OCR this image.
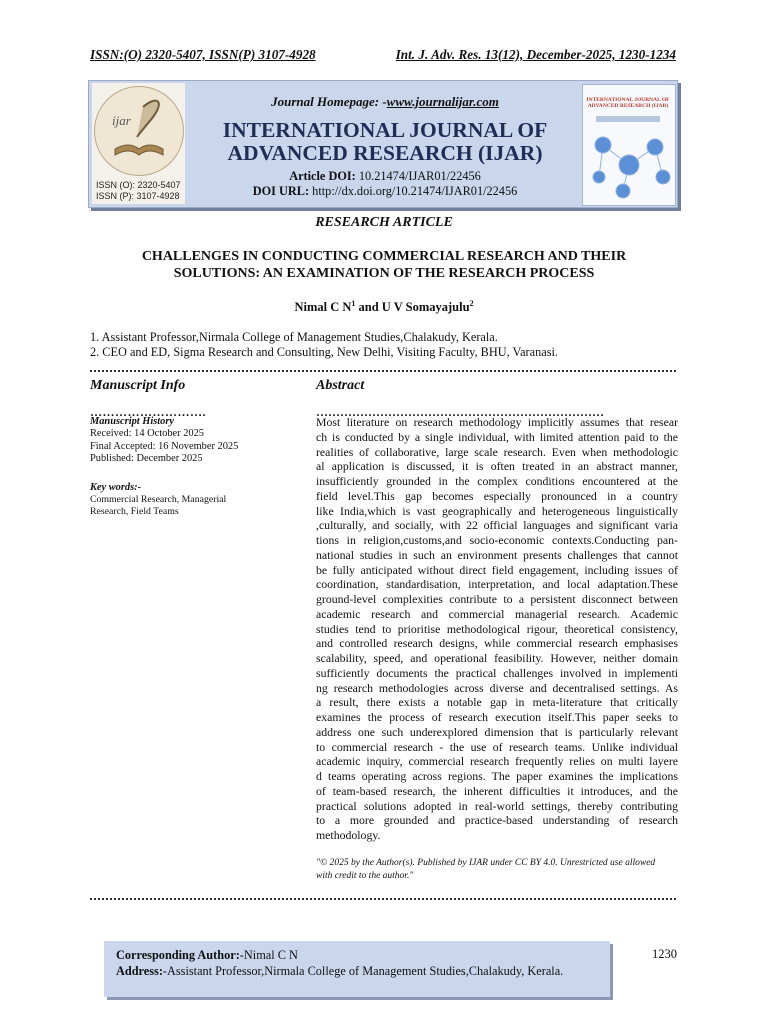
ISSN:(O) 2320-5407, ISSN(P) 3107-4928	Int. J. Adv. Res. 13(12), December-2025, 1230-1234
ijar
ISSN (O): 2320-5407
ISSN (P): 3107-4928
Journal Homepage: -www.journalijar.com
INTERNATIONAL JOURNAL OF
ADVANCED RESEARCH (IJAR)
Article DOI: 10.21474/IJAR01/22456
DOI URL: http://dx.doi.org/10.21474/IJAR01/22456
INTERNATIONAL JOURNAL OF ADVANCED RESEARCH (IJAR)
RESEARCH ARTICLE
CHALLENGES IN CONDUCTING COMMERCIAL RESEARCH AND THEIR
SOLUTIONS: AN EXAMINATION OF THE RESEARCH PROCESS
Nimal C $N^1$ and U V Somayajulu$^2$
1. Assistant Professor,Nirmala College of Management Studies,Chalakudy, Kerala.
2. CEO and ED, Sigma Research and Consulting, New Delhi, Visiting Faculty, BHU, Varanasi.
Manuscript Info
……………………….
Manuscript History
Received: 14 October 2025
Final Accepted: 16 November 2025
Published: December 2025
Key words:-
Commercial Research, Managerial
Research, Field Teams
Abstract
………………………………………………………………
Most literature on research methodology implicitly assumes that resear
ch is conducted by a single individual, with limited attention paid to the
realities of collaborative, large scale research. Even when methodologic
al application is discussed, it is often treated in an abstract manner,
insufficiently grounded in the complex conditions encountered at the
field level.This gap becomes especially pronounced in a country
like India,which is vast geographically and heterogeneous linguistically
,culturally, and socially, with 22 official languages and significant varia
tions in religion,customs,and socio-economic contexts.Conducting pan-
national studies in such an environment presents challenges that cannot
be fully anticipated without direct field engagement, including issues of
coordination, standardisation, interpretation, and local adaptation.These
ground-level complexities contribute to a persistent disconnect between
academic research and commercial managerial research. Academic
studies tend to prioritise methodological rigour, theoretical consistency,
and controlled research designs, while commercial research emphasises
scalability, speed, and operational feasibility. However, neither domain
sufficiently documents the practical challenges involved in implementi
ng research methodologies across diverse and decentralised settings. As
a result, there exists a notable gap in meta-literature that critically
examines the process of research execution itself.This paper seeks to
address one such underexplored dimension that is particularly relevant
to commercial research - the use of research teams. Unlike individual
academic inquiry, commercial research frequently relies on multi layere
d teams operating across regions. The paper examines the implications
of team-based research, the inherent difficulties it introduces, and the
practical solutions adopted in real-world settings, thereby contributing
to a more grounded and practice-based understanding of research
methodology.
"© 2025 by the Author(s). Published by IJAR under CC BY 4.0. Unrestricted use allowed
with credit to the author."
Corresponding Author:-Nimal C N
Address:-Assistant Professor,Nirmala College of Management Studies,Chalakudy, Kerala.
1230
